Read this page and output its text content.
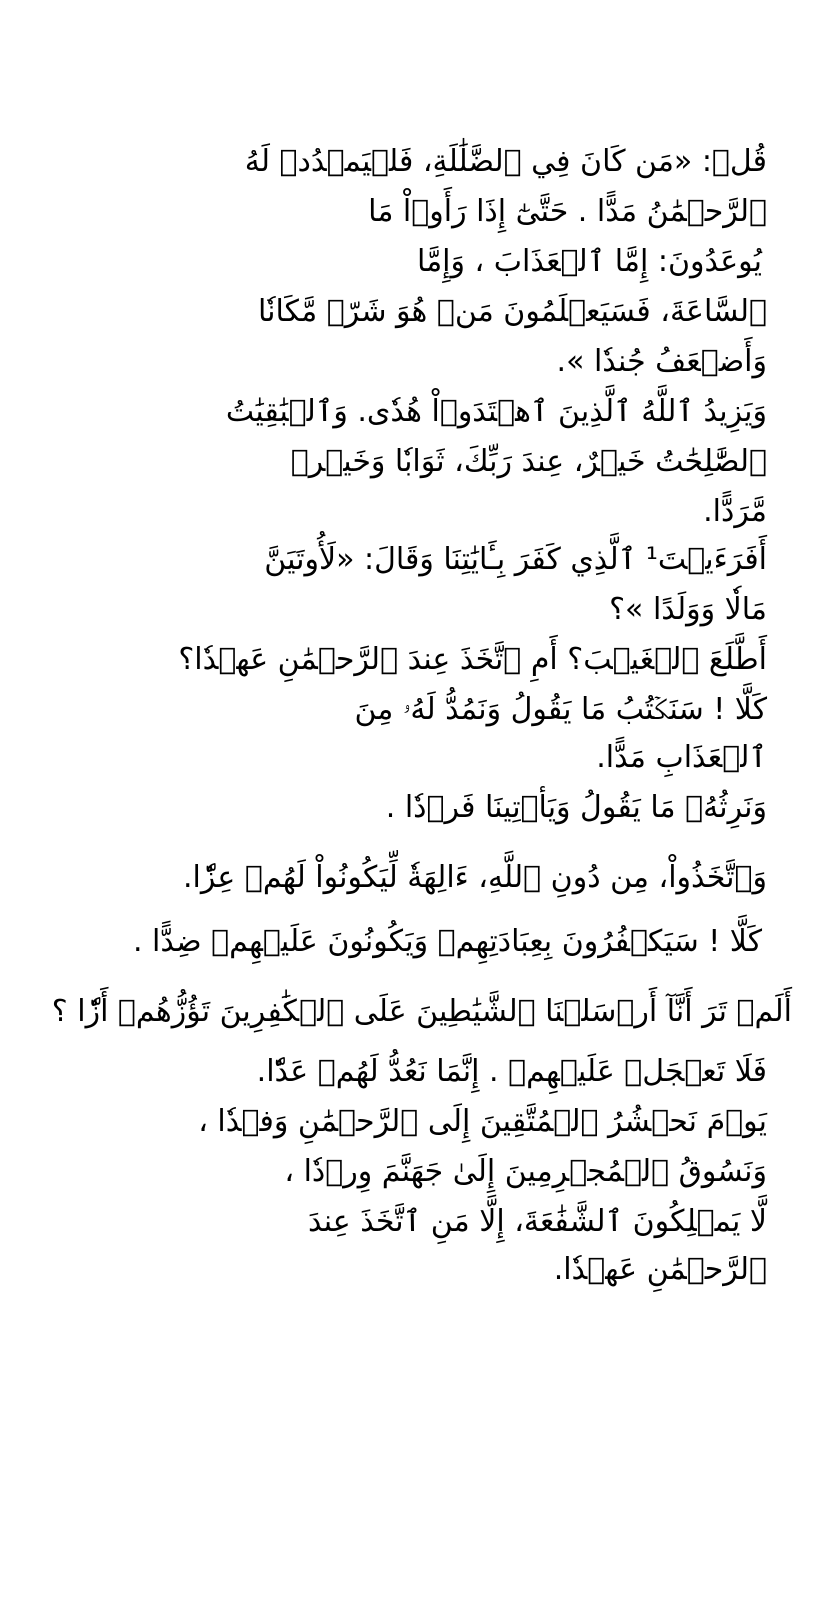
قُلۡ: «مَن كَانَ فِي ٱلضَّلَٰلَةِ، فَلۡيَمۡدُدۡ لَهُ
ٱلرَّحۡمَٰنُ مَدًّا . حَتَّىٰٓ إِذَا رَأَوۡاْ مَا
يُوعَدُونَ: إِمَّا ٱلۡعَذَابَ ، وَإِمَّا
ٱلسَّاعَةَ، فَسَيَعۡلَمُونَ مَنۡ هُوَ شَرّٞ مَّكَانٗا
وَأَضۡعَفُ جُندٗا ».
وَيَزِيدُ ٱللَّهُ ٱلَّذِينَ ٱهۡتَدَوۡاْ هُدٗى. وَٱلۡبَٰقِيَٰتُ
ٱلصَّٰلِحَٰتُ خَيۡرٌ، عِندَ رَبِّكَ، ثَوَابٗا وَخَيۡرٞ
مَّرَدًّا.
أَفَرَءَيۡتَ¹ ٱلَّذِي كَفَرَ بِـَٔايَٰتِنَا وَقَالَ: «لَأُوتَيَنَّ
مَالٗا وَوَلَدًا »؟
أَطَّلَعَ ٱلۡغَيۡبَ؟ أَمِ ٱتَّخَذَ عِندَ ٱلرَّحۡمَٰنِ عَهۡدٗا؟
كَلَّا ! سَنَكۡتُبُ مَا يَقُولُ وَنَمُدُّ لَهُۥ مِنَ
ٱلۡعَذَابِ مَدًّا.
وَنَرِثُهُۥ مَا يَقُولُ وَيَأۡتِينَا فَرۡدٗا .
وَٱتَّخَذُواْ، مِن دُونِ ٱللَّهِ، ءَالِهَةٗ لِّيَكُونُواْ لَهُمۡ عِزّٗا.
كَلَّا ! سَيَكۡفُرُونَ بِعِبَادَتِهِمۡ وَيَكُونُونَ عَلَيۡهِمۡ ضِدًّا .
أَلَمۡ تَرَ أَنَّآ أَرۡسَلۡنَا ٱلشَّيَٰطِينَ عَلَى ٱلۡكَٰفِرِينَ تَؤُزُّهُمۡ أَزّٗا ؟
فَلَا تَعۡجَلۡ عَلَيۡهِمۡ . إِنَّمَا نَعُدُّ لَهُمۡ عَدّٗا.
يَوۡمَ نَحۡشُرُ ٱلۡمُتَّقِينَ إِلَى ٱلرَّحۡمَٰنِ وَفۡدٗا ،
وَنَسُوقُ ٱلۡمُجۡرِمِينَ إِلَىٰ جَهَنَّمَ وِرۡدٗا ،
لَّا يَمۡلِكُونَ ٱلشَّفَٰعَةَ، إِلَّا مَنِ ٱتَّخَذَ عِندَ
ٱلرَّحۡمَٰنِ عَهۡدٗا.
